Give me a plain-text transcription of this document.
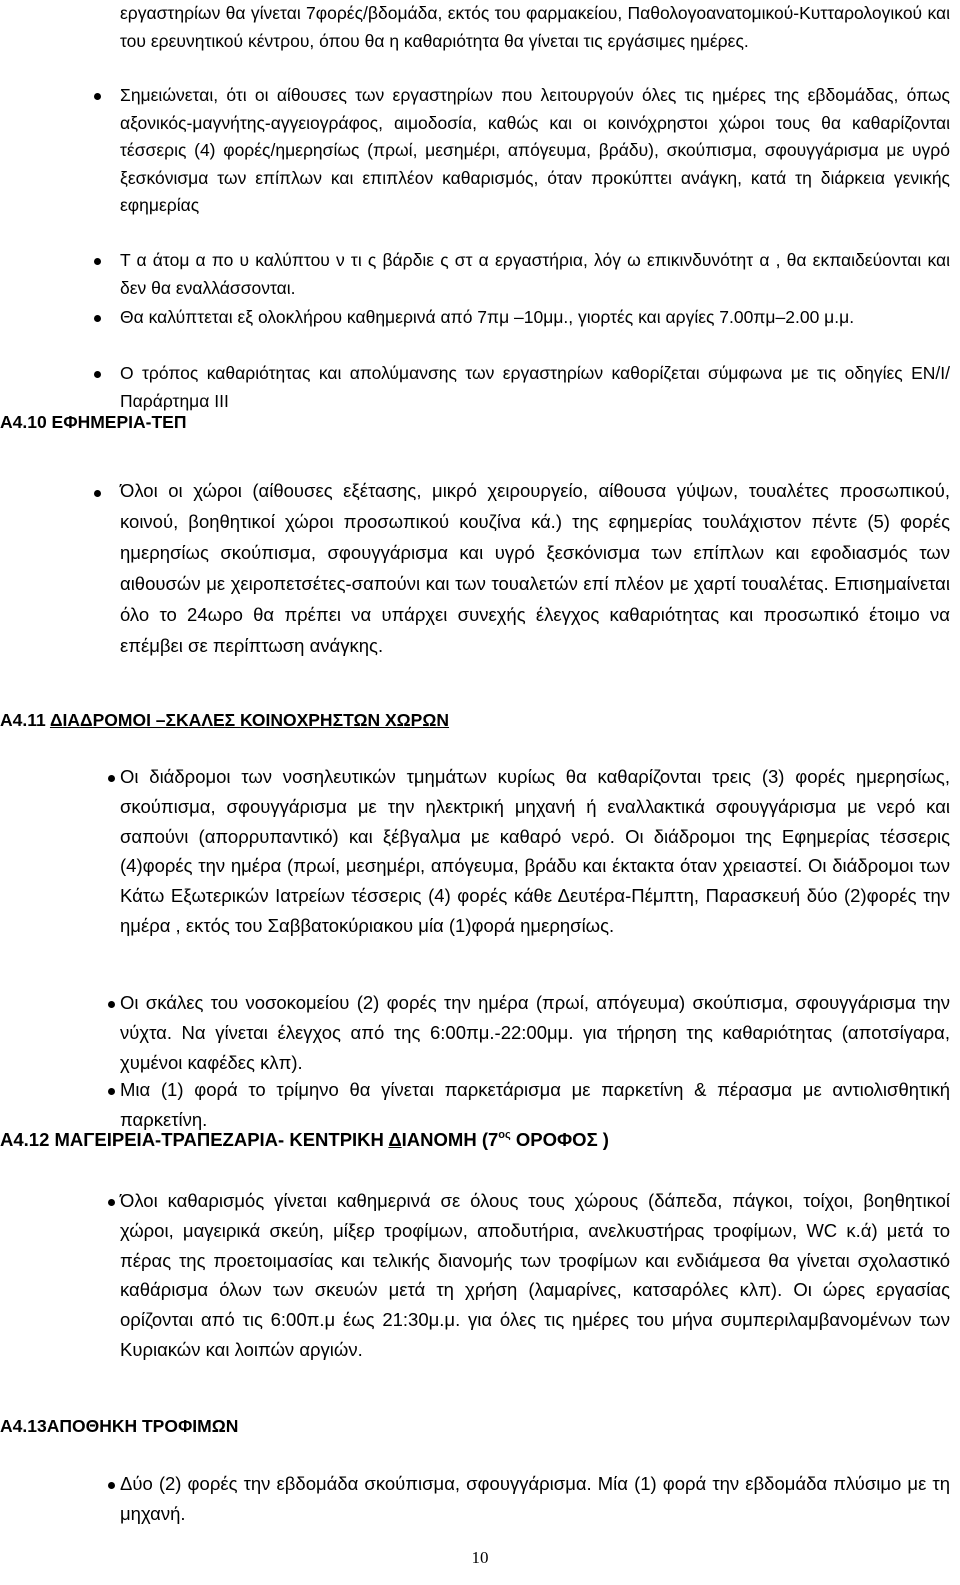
εργαστηρίων θα γίνεται 7φορές/βδομάδα, εκτός του φαρμακείου, Παθολογοανατομικού-Κυτταρολογικού και του ερευνητικού κέντρου, όπου θα η καθαριότητα θα γίνεται τις εργάσιμες ημέρες.

Σημειώνεται, ότι οι αίθουσες των εργαστηρίων που λειτουργούν όλες τις ημέρες της εβδομάδας, όπως αξονικός-μαγνήτης-αγγειογράφος, αιμοδοσία, καθώς και οι κοινόχρηστοι χώροι τους θα καθαρίζονται τέσσερις (4) φορές/ημερησίως (πρωί, μεσημέρι, απόγευμα, βράδυ), σκούπισμα, σφουγγάρισμα με υγρό ξεσκόνισμα των επίπλων και επιπλέον καθαρισμός, όταν προκύπτει ανάγκη, κατά τη διάρκεια γενικής εφημερίας

Τ α άτομ α πο υ καλύπτου ν τι ς βάρδιε ς στ α εργαστήρια, λόγ ω επικινδυνότητ α , θα εκπαιδεύονται και δεν θα εναλλάσσονται.

Θα καλύπτεται εξ ολοκλήρου καθημερινά από 7πμ –10μμ., γιορτές και αργίες 7.00πμ–2.00 μ.μ.

Ο τρόπος καθαριότητας και απολύμανσης των εργαστηρίων καθορίζεται σύμφωνα με τις οδηγίες ΕΝ/Ι/Παράρτημα ΙΙΙ

Α4.10 ΕΦΗΜΕΡΙΑ-ΤΕΠ

Όλοι οι χώροι (αίθουσες εξέτασης, μικρό χειρουργείο, αίθουσα γύψων, τουαλέτες προσωπικού, κοινού, βοηθητικοί χώροι προσωπικού κουζίνα κά.) της εφημερίας τουλάχιστον πέντε (5) φορές ημερησίως σκούπισμα, σφουγγάρισμα και υγρό ξεσκόνισμα των επίπλων και εφοδιασμός των αιθουσών με χειροπετσέτες-σαπούνι και των τουαλετών επί πλέον με χαρτί τουαλέτας. Επισημαίνεται όλο το 24ωρο θα πρέπει να υπάρχει συνεχής έλεγχος καθαριότητας και προσωπικό έτοιμο να επέμβει σε περίπτωση ανάγκης.

Α4.11 ΔΙΑΔΡΟΜΟΙ –ΣΚΑΛΕΣ ΚΟΙΝΟΧΡΗΣΤΩΝ ΧΩΡΩΝ

Οι διάδρομοι των νοσηλευτικών τμημάτων κυρίως θα καθαρίζονται τρεις (3) φορές ημερησίως, σκούπισμα, σφουγγάρισμα με την ηλεκτρική μηχανή ή εναλλακτικά σφουγγάρισμα με νερό και σαπούνι (απορρυπαντικό) και ξέβγαλμα με καθαρό νερό. Οι διάδρομοι της Εφημερίας τέσσερις (4)φορές την ημέρα (πρωί, μεσημέρι, απόγευμα, βράδυ και έκτακτα όταν χρειαστεί. Οι διάδρομοι των Κάτω Εξωτερικών Ιατρείων τέσσερις (4) φορές κάθε Δευτέρα-Πέμπτη, Παρασκευή δύο (2)φορές την ημέρα , εκτός του Σαββατοκύριακου μία (1)φορά ημερησίως.

Οι σκάλες του νοσοκομείου (2) φορές την ημέρα (πρωί, απόγευμα) σκούπισμα, σφουγγάρισμα την νύχτα. Να γίνεται έλεγχος από της 6:00πμ.-22:00μμ. για τήρηση της καθαριότητας (αποτσίγαρα, χυμένοι καφέδες κλπ).

Μια (1) φορά το τρίμηνο θα γίνεται παρκετάρισμα με παρκετίνη & πέρασμα με αντιολισθητική παρκετίνη.

Α4.12 ΜΑΓΕΙΡΕΙΑ-ΤΡΑΠΕΖΑΡΙΑ- ΚΕΝΤΡΙΚΗ ΔΙΑΝΟΜΗ ($7^{o\varsigma}$ ΟΡΟΦΟΣ )

Όλοι καθαρισμός γίνεται καθημερινά σε όλους τους χώρους (δάπεδα, πάγκοι, τοίχοι, βοηθητικοί χώροι, μαγειρικά σκεύη, μίξερ τροφίμων, αποδυτήρια, ανελκυστήρας τροφίμων, WC κ.ά) μετά το πέρας της προετοιμασίας και τελικής διανομής των τροφίμων και ενδιάμεσα θα γίνεται σχολαστικό καθάρισμα όλων των σκευών μετά τη χρήση (λαμαρίνες, κατσαρόλες κλπ). Οι ώρες εργασίας ορίζονται από τις 6:00π.μ έως 21:30μ.μ. για όλες τις ημέρες του μήνα συμπεριλαμβανομένων των Κυριακών και λοιπών αργιών.

Α4.13ΑΠΟΘΗΚΗ ΤΡΟΦΙΜΩΝ

Δύο (2) φορές την εβδομάδα σκούπισμα, σφουγγάρισμα. Μία (1) φορά την εβδομάδα πλύσιμο με τη μηχανή.

10
